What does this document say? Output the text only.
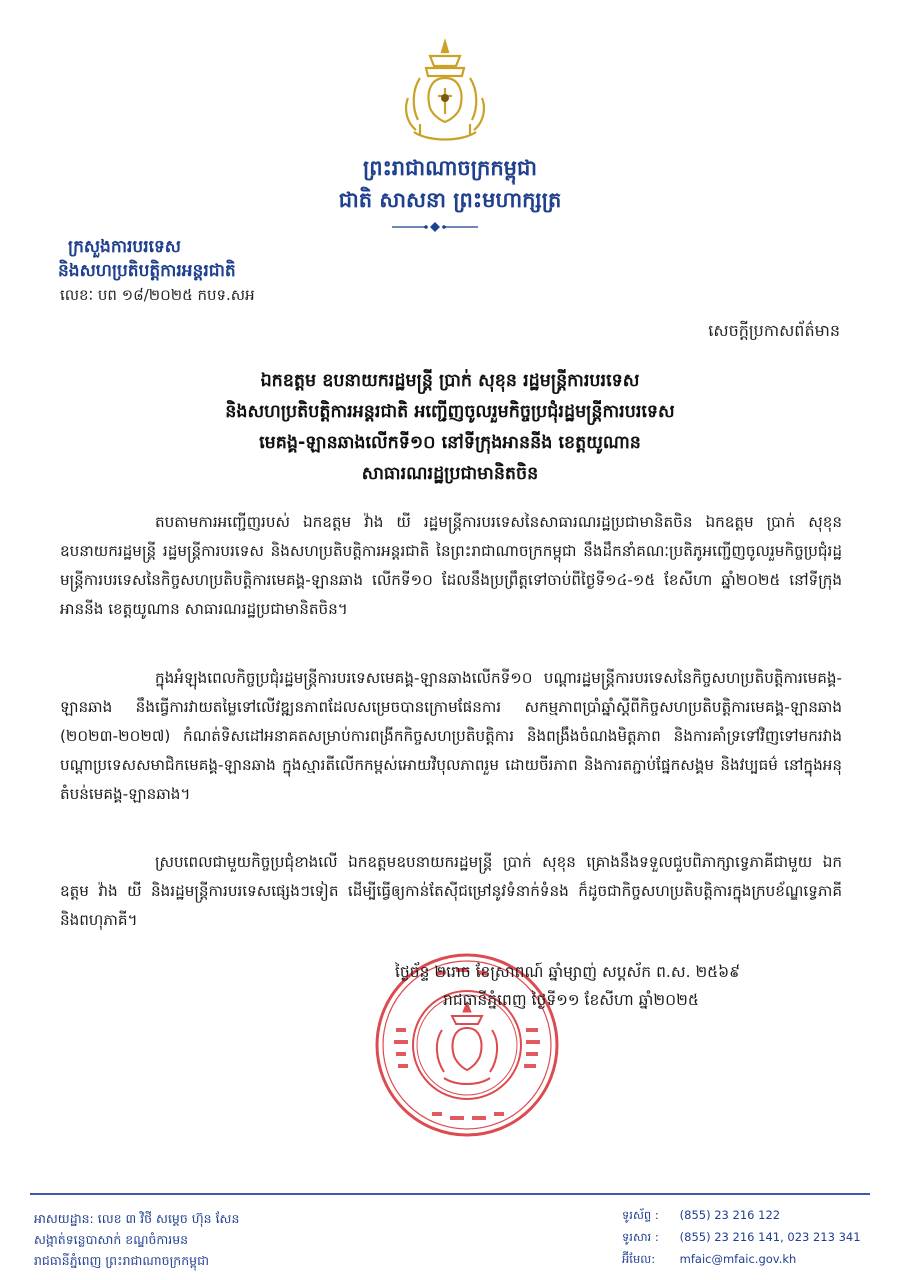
ព្រះរាជាណាចក្រកម្ពុជា
ជាតិ សាសនា ព្រះមហាក្សត្រ
ក្រសួងការបរទេស
និងសហប្រតិបត្តិការអន្តរជាតិ
លេខៈ បព ១៨/២០២៥ កបទ.សអ
សេចក្ដីប្រកាសព័ត៌មាន
ឯកឧត្តម ឧបនាយករដ្ឋមន្ត្រី ប្រាក់ សុខុន រដ្ឋមន្ត្រីការបរទេស
និងសហប្រតិបត្តិការអន្តរជាតិ អញ្ជើញចូលរួមកិច្ចប្រជុំរដ្ឋមន្ត្រីការបរទេស
មេគង្គ-ឡានឆាងលើកទី១០ នៅទីក្រុងអាននីង ខេត្តយូណាន
សាធារណរដ្ឋប្រជាមានិតចិន

តបតាមការអញ្ជើញរបស់ ឯកឧត្តម វ៉ាង យី រដ្ឋមន្ត្រីការបរទេសនៃសាធារណរដ្ឋប្រជាមានិតចិន ឯកឧត្តម ប្រាក់ សុខុន ឧបនាយករដ្ឋមន្ត្រី រដ្ឋមន្ត្រីការបរទេស និងសហប្រតិបត្តិការអន្តរជាតិ នៃព្រះរាជាណាចក្រកម្ពុជា នឹងដឹកនាំគណៈប្រតិភូអញ្ជើញចូលរួមកិច្ចប្រជុំរដ្ឋមន្ត្រីការបរទេសនៃកិច្ចសហប្រតិបត្តិការមេគង្គ-ឡានឆាង លើកទី១០ ដែលនឹងប្រព្រឹត្តទៅចាប់ពីថ្ងៃទី១៤-១៥ ខែសីហា ឆ្នាំ២០២៥ នៅទីក្រុងអាននីង ខេត្តយូណាន សាធារណរដ្ឋប្រជាមានិតចិន។

ក្នុងអំឡុងពេលកិច្ចប្រជុំរដ្ឋមន្ត្រីការបរទេសមេគង្គ-ឡានឆាងលើកទី១០ បណ្ដារដ្ឋមន្ត្រីការបរទេសនៃកិច្ចសហប្រតិបត្តិការមេគង្គ-ឡានឆាង នឹងធ្វើការវាយតម្លៃទៅលើវឌ្ឍនភាពដែលសម្រេចបានក្រោមផែនការ សកម្មភាពប្រាំឆ្នាំស្ដីពីកិច្ចសហប្រតិបត្តិការមេគង្គ-ឡានឆាង (២០២៣-២០២៧) កំណត់ទិសដៅអនាគតសម្រាប់ការពង្រីកកិច្ចសហប្រតិបត្តិការ និងពង្រឹងចំណងមិត្តភាព និងការគាំទ្រទៅវិញទៅមករវាងបណ្ដាប្រទេសសមាជិកមេគង្គ-ឡានឆាង ក្នុងស្មារតីលើកកម្ពស់អោយវិបុលភាពរួម ដោយចីរភាព និងការតភ្ជាប់ផ្នែកសង្គម និងវប្បធម៌ នៅក្នុងអនុតំបន់មេគង្គ-ឡានឆាង។

ស្របពេលជាមួយកិច្ចប្រជុំខាងលើ ឯកឧត្តមឧបនាយករដ្ឋមន្ត្រី ប្រាក់ សុខុន គ្រោងនឹងទទួលជួបពិភាក្សាទ្វេភាគីជាមួយ ឯកឧត្តម វ៉ាង យី និងរដ្ឋមន្ត្រីការបរទេសផ្សេងៗទៀត ដើម្បីធ្វើឲ្យកាន់តែស៊ីជម្រៅនូវទំនាក់ទំនង ក៏ដូចជាកិច្ចសហប្រតិបត្តិការក្នុងក្របខ័ណ្ឌទ្វេភាគី និងពហុភាគី។

ថ្ងៃច័ន្ទ ២រោច ខែស្រាពណ៍ ឆ្នាំម្សាញ់ សប្តស័ក ព.ស. ២៥៦៩
រាជធានីភ្នំពេញ ថ្ងៃទី១១ ខែសីហា ឆ្នាំ២០២៥
អាសយដ្ឋាន: លេខ ៣ វិថី សម្ដេច ហ៊ុន សែន
សង្កាត់ទន្លេបាសាក់ ខណ្ឌចំការមន
រាជធានីភ្នំពេញ ព្រះរាជាណាចក្រកម្ពុជា
ទូរស័ព្ទ : (855) 23 216 122
ទូរសារ : (855) 23 216 141, 023 213 341
អ៊ីមែល: mfaic@mfaic.gov.kh
